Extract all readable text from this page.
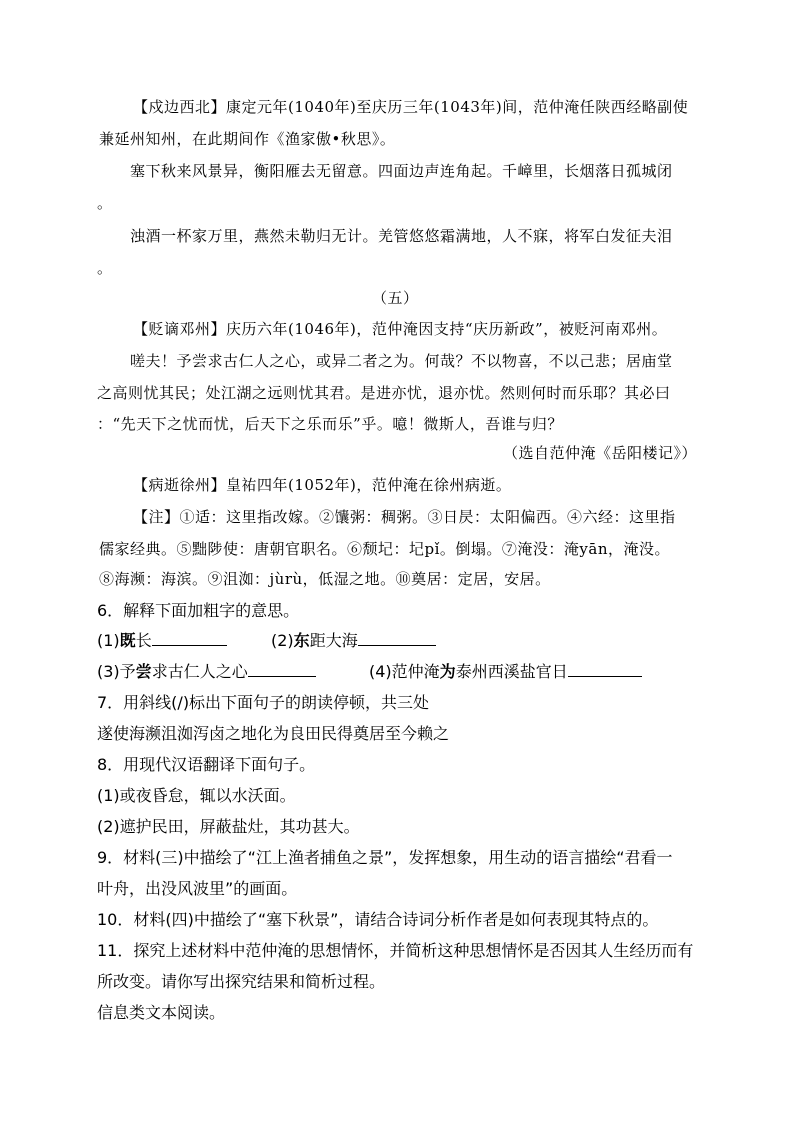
【戍边西北】康定元年(1040年)至庆历三年(1043年)间，范仲淹任陕西经略副使
兼延州知州，在此期间作《渔家傲•秋思》。
塞下秋来风景异，衡阳雁去无留意。四面边声连角起。千嶂里，长烟落日孤城闭
。
浊酒一杯家万里，燕然未勒归无计。羌管悠悠霜满地，人不寐，将军白发征夫泪
。
（五）
【贬谪邓州】庆历六年(1046年)，范仲淹因支持“庆历新政”，被贬河南邓州。
嗟夫！予尝求古仁人之心，或异二者之为。何哉？不以物喜，不以己悲；居庙堂
之高则忧其民；处江湖之远则忧其君。是进亦忧，退亦忧。然则何时而乐耶？其必曰
：“先天下之忧而忧，后天下之乐而乐”乎。噫！微斯人，吾谁与归？
（选自范仲淹《岳阳楼记》）
【病逝徐州】皇祐四年(1052年)，范仲淹在徐州病逝。
【注】①适：这里指改嫁。②馕粥：稠粥。③日昃：太阳偏西。④六经：这里指
儒家经典。⑤黜陟使：唐朝官职名。⑥颓圮：圮pǐ。倒塌。⑦淹没：淹yān，淹没。
⑧海濒：海滨。⑨沮洳：jùrù，低湿之地。⑩奠居：定居，安居。
6．解释下面加粗字的意思。
(1)既长	(2)东距大海
(3)予尝求古仁人之心	(4)范仲淹为泰州西溪盐官日
7．用斜线(/)标出下面句子的朗读停顿，共三处
遂使海濒沮洳泻卤之地化为良田民得奠居至今赖之
8．用现代汉语翻译下面句子。
(1)或夜昏怠，辄以水沃面。
(2)遮护民田，屏蔽盐灶，其功甚大。
9．材料(三)中描绘了“江上渔者捕鱼之景”，发挥想象，用生动的语言描绘“君看一
叶舟，出没风波里”的画面。
10．材料(四)中描绘了“塞下秋景”，请结合诗词分析作者是如何表现其特点的。
11．探究上述材料中范仲淹的思想情怀，并简析这种思想情怀是否因其人生经历而有
所改变。请你写出探究结果和简析过程。
信息类文本阅读。
